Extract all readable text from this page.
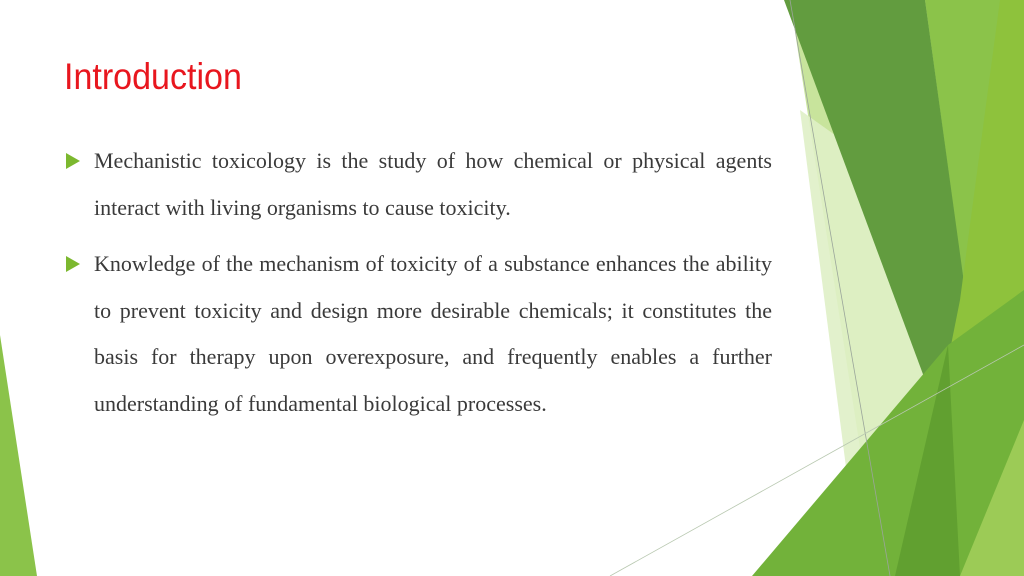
Introduction
Mechanistic toxicology is the study of how chemical or physical agents interact with living organisms to cause toxicity.
Knowledge of the mechanism of toxicity of a substance enhances the ability to prevent toxicity and design more desirable chemicals; it constitutes the basis for therapy upon overexposure, and frequently enables a further understanding of fundamental biological processes.
